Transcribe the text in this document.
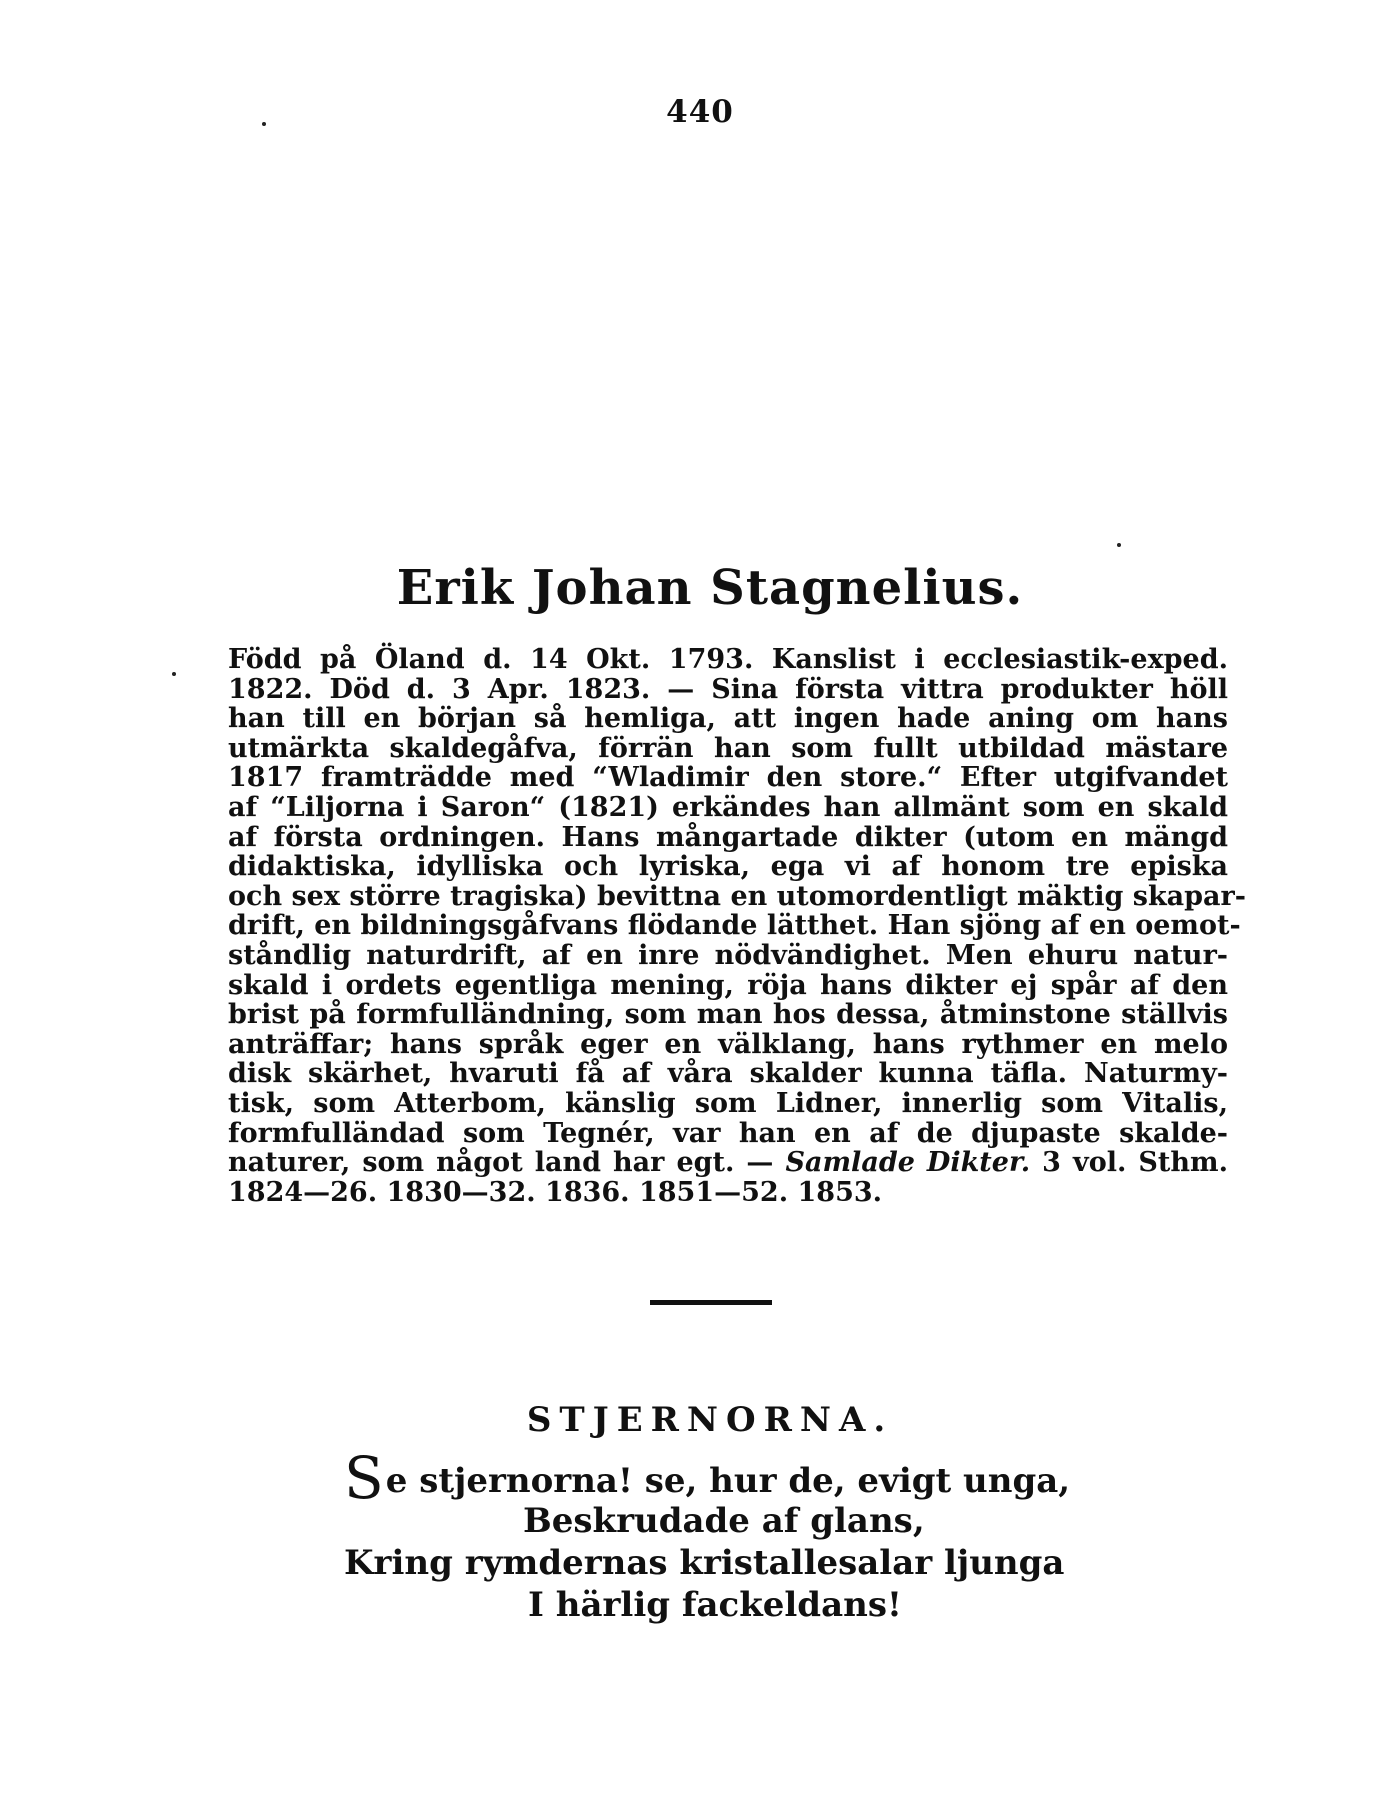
440
Erik Johan Stagnelius.
Född på Öland d. 14 Okt. 1793. Kanslist i ecclesiastik-exped.
1822. Död d. 3 Apr. 1823. — Sina första vittra produkter höll
han till en början så hemliga, att ingen hade aning om hans
utmärkta skaldegåfva, förrän han som fullt utbildad mästare
1817 framträdde med “Wladimir den store.“ Efter utgifvandet
af “Liljorna i Saron“ (1821) erkändes han allmänt som en skald
af första ordningen. Hans mångartade dikter (utom en mängd
didaktiska, idylliska och lyriska, ega vi af honom tre episka
och sex större tragiska) bevittna en utomordentligt mäktig skapar-
drift, en bildningsgåfvans flödande lätthet. Han sjöng af en oemot-
ståndlig naturdrift, af en inre nödvändighet. Men ehuru natur-
skald i ordets egentliga mening, röja hans dikter ej spår af den
brist på formfulländning, som man hos dessa, åtminstone ställvis
anträffar; hans språk eger en välklang, hans rythmer en melo
disk skärhet, hvaruti få af våra skalder kunna täfla. Naturmy-
tisk, som Atterbom, känslig som Lidner, innerlig som Vitalis,
formfulländad som Tegnér, var han en af de djupaste skalde-
naturer, som något land har egt. — Samlade Dikter. 3 vol. Sthm.
1824—26. 1830—32. 1836. 1851—52. 1853.
STJERNORNA.
Se stjernorna! se, hur de, evigt unga,
Beskrudade af glans,
Kring rymdernas kristallesalar ljunga
I härlig fackeldans!
